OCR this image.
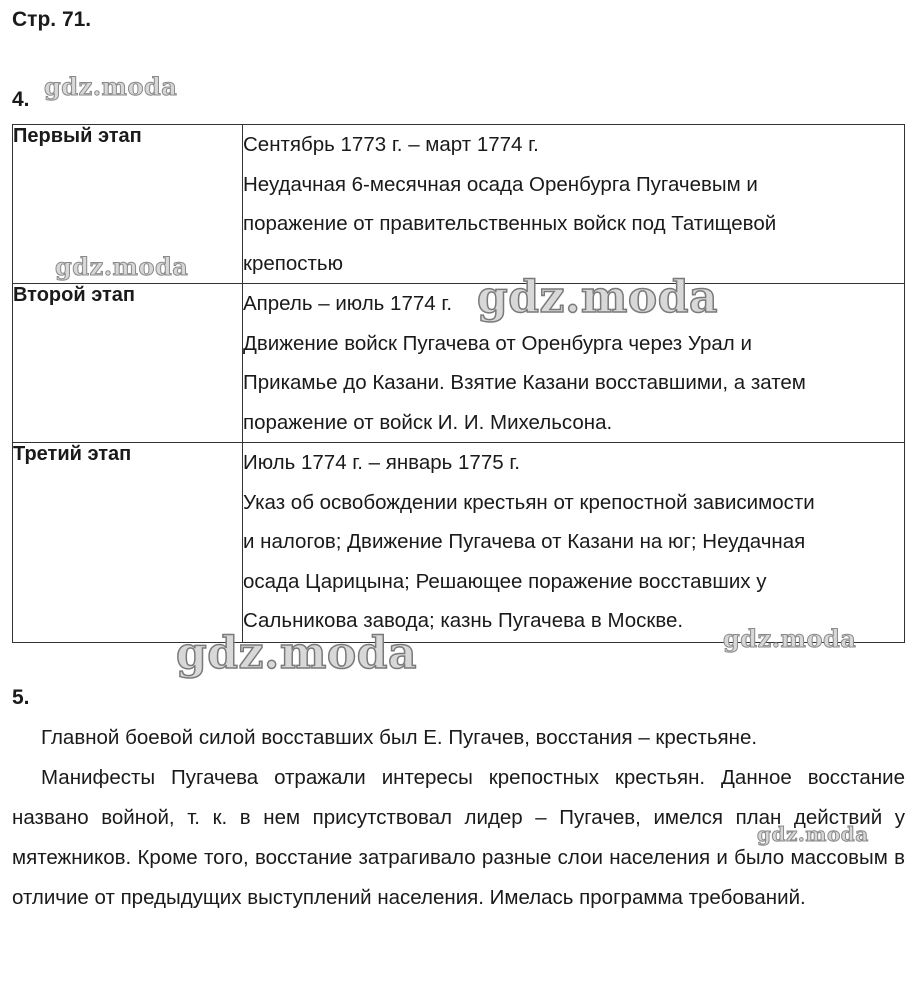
Стр. 71.
4.
Первый этап	Сентябрь 1773 г. – март 1774 г.
Неудачная 6-месячная осада Оренбурга Пугачевым и
поражение от правительственных войск под Татищевой
крепостью

Второй этап	Апрель – июль 1774 г.
Движение войск Пугачева от Оренбурга через Урал и
Прикамье до Казани. Взятие Казани восставшими, а затем
поражение от войск И. И. Михельсона.

Третий этап	Июль 1774 г. – январь 1775 г.
Указ об освобождении крестьян от крепостной зависимости
и налогов; Движение Пугачева от Казани на юг; Неудачная
осада Царицына; Решающее поражение восставших у
Сальникова завода; казнь Пугачева в Москве.
5.

Главной боевой силой восставших был Е. Пугачев, восстания – крестьяне.

Манифесты Пугачева отражали интересы крепостных крестьян. Данное восстание названо войной, т. к. в нем присутствовал лидер – Пугачев, имелся план действий у мятежников. Кроме того, восстание затрагивало разные слои населения и было массовым в отличие от предыдущих выступлений населения. Имелась программа требований.

gdz.moda
gdz.moda
gdz.moda
gdz.moda	gdz.moda
gdz.moda
